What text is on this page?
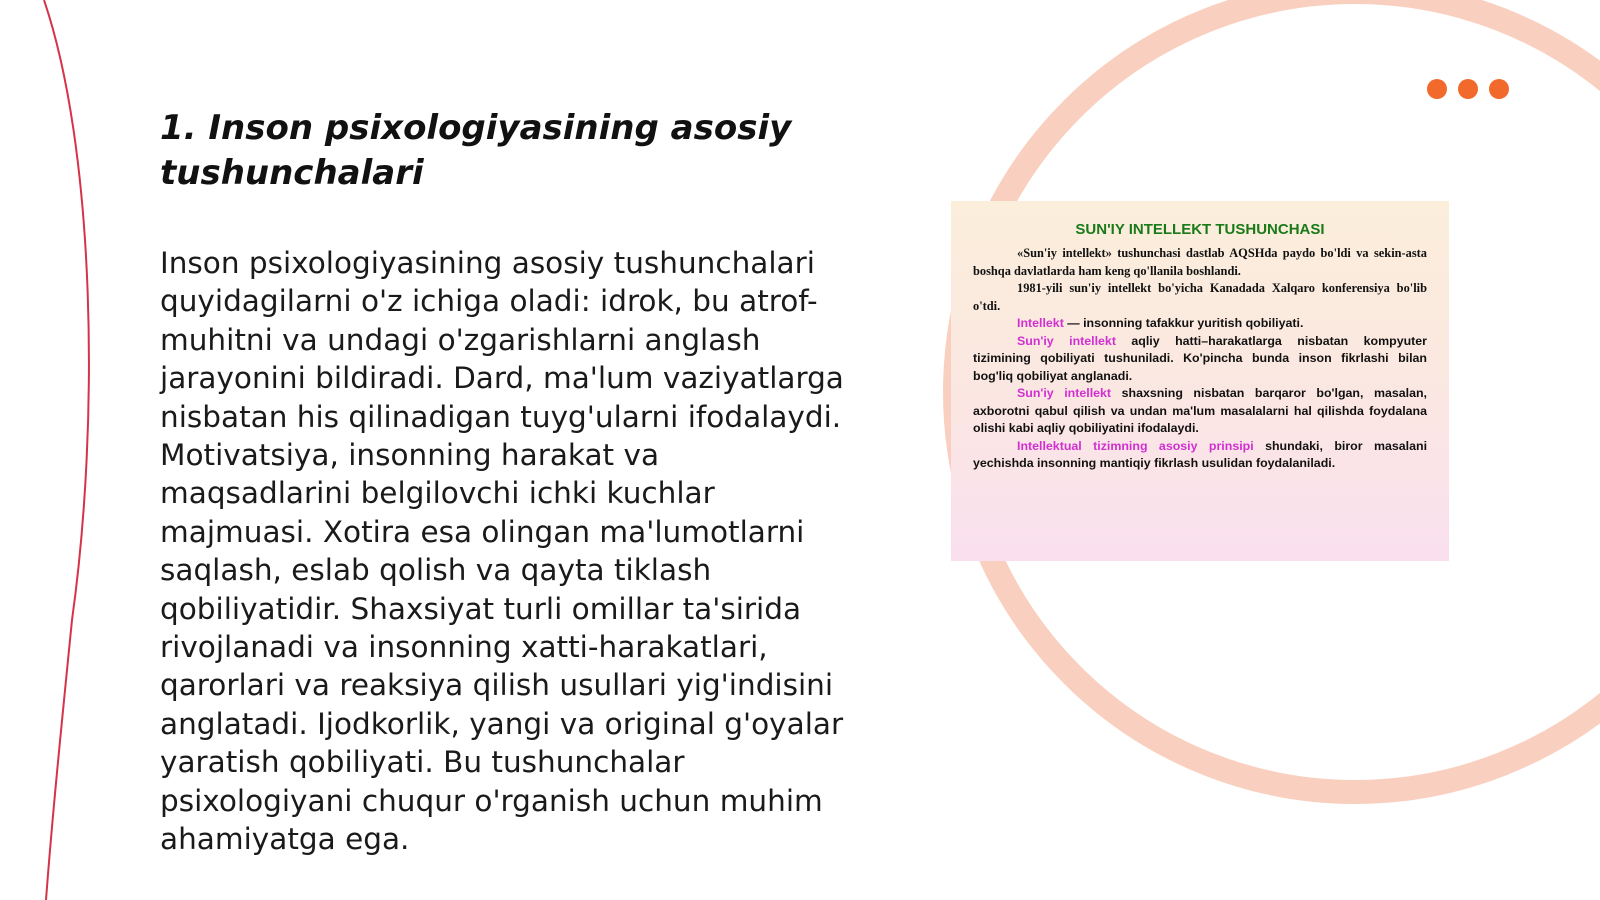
1. Inson psixologiyasining asosiy tushunchalari

Inson psixologiyasining asosiy tushunchalari quyidagilarni o'z ichiga oladi: idrok, bu atrof-muhitni va undagi o'zgarishlarni anglash jarayonini bildiradi. Dard, ma'lum vaziyatlarga nisbatan his qilinadigan tuyg'ularni ifodalaydi. Motivatsiya, insonning harakat va maqsadlarini belgilovchi ichki kuchlar majmuasi. Xotira esa olingan ma'lumotlarni saqlash, eslab qolish va qayta tiklash qobiliyatidir. Shaxsiyat turli omillar ta'sirida rivojlanadi va insonning xatti-harakatlari, qarorlari va reaksiya qilish usullari yig'indisini anglatadi. Ijodkorlik, yangi va original g'oyalar yaratish qobiliyati. Bu tushunchalar psixologiyani chuqur o'rganish uchun muhim ahamiyatga ega.

SUN'IY INTELLEKT TUSHUNCHASI

«Sun'iy intellekt» tushunchasi dastlab AQSHda paydo bo'ldi va sekin-asta boshqa davlatlarda ham keng qo'llanila boshlandi.

1981-yili sun'iy intellekt bo'yicha Kanadada Xalqaro konferensiya bo'lib o'tdi.

Intellekt — insonning tafakkur yuritish qobiliyati.

Sun'iy intellekt aqliy hatti–harakatlarga nisbatan kompyuter tizimining qobiliyati tushuniladi. Ko'pincha bunda inson fikrlashi bilan bog'liq qobiliyat anglanadi.

Sun'iy intellekt shaxsning nisbatan barqaror bo'lgan, masalan, axborotni qabul qilish va undan ma'lum masalalarni hal qilishda foydalana olishi kabi aqliy qobiliyatini ifodalaydi.

Intellektual tizimning asosiy prinsipi shundaki, biror masalani yechishda insonning mantiqiy fikrlash usulidan foydalaniladi.
